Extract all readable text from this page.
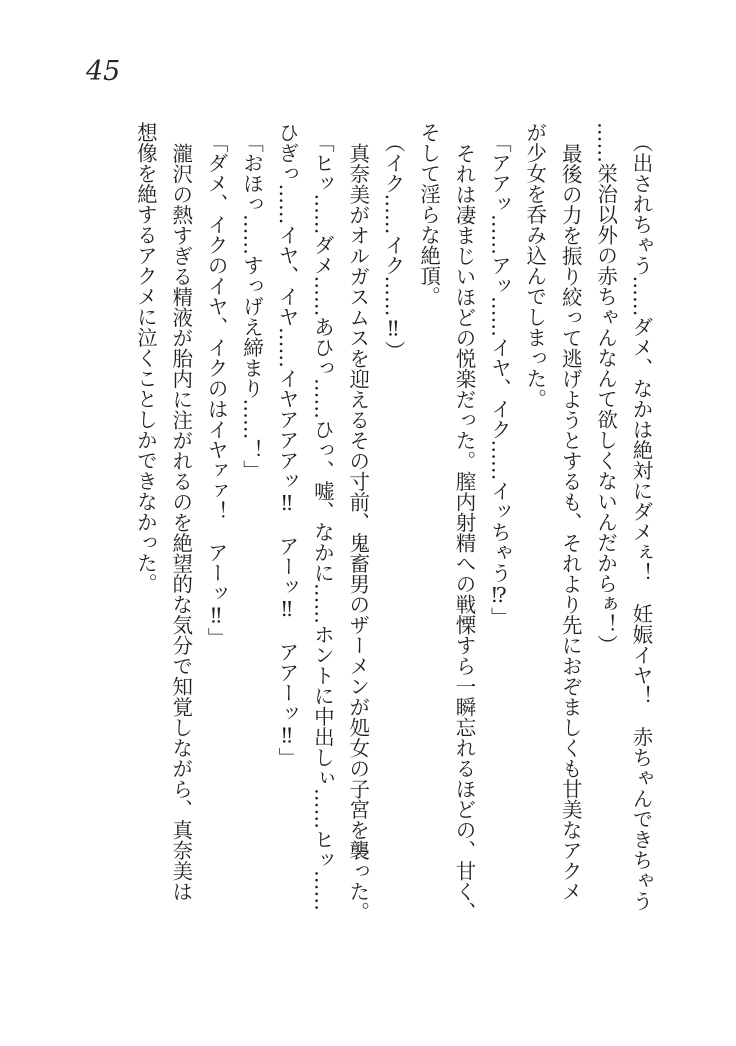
45

（出されちゃう……ダメ、なかは絶対にダメぇ！　妊娠イヤ！　赤ちゃんできちゃう
……栄治以外の赤ちゃんなんて欲しくないんだからぁ！）

最後の力を振り絞って逃げようとするも、それより先におぞましくも甘美なアクメ
が少女を呑み込んでしまった。

「アアッ……アッ……イヤ、イク……イッちゃう⁉」

それは凄まじいほどの悦楽だった。膣内射精への戦慄すら一瞬忘れるほどの、甘く、
そして淫らな絶頂。

（イク……イク……‼）

真奈美がオルガスムスを迎えるその寸前、鬼畜男のザーメンが処女の子宮を襲った。

「ヒッ……ダメ……あひっ……ひっ、嘘、なかに……ホントに中出しぃ……ヒッ……
ひぎっ……イヤ、イヤ……イヤアアアッ‼　アーッ‼　アアーッ‼」

「おほっ……すっげえ締まり……！」

「ダメ、イクのイヤ、イクのはイヤァァ！　アーッ‼」

瀧沢の熱すぎる精液が胎内に注がれるのを絶望的な気分で知覚しながら、真奈美は
想像を絶するアクメに泣くことしかできなかった。
